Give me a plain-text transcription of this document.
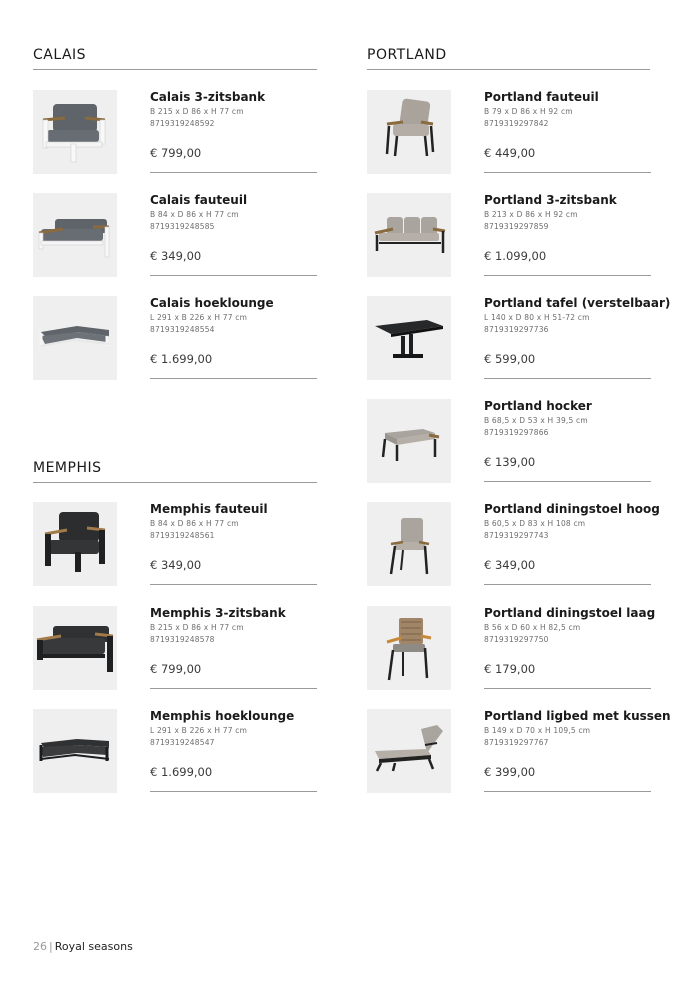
CALAIS	PORTLAND
MEMPHIS
Calais 3-zitsbank
B 215 x D 86 x H 77 cm
8719319248592
€ 799,00
Calais fauteuil
B 84 x D 86 x H 77 cm
8719319248585
€ 349,00
Calais hoeklounge
L 291 x B 226 x H 77 cm
8719319248554
€ 1.699,00
Memphis fauteuil
B 84 x D 86 x H 77 cm
8719319248561
€ 349,00
Memphis 3-zitsbank
B 215 x D 86 x H 77 cm
8719319248578
€ 799,00
Memphis hoeklounge
L 291 x B 226 x H 77 cm
8719319248547
€ 1.699,00
Portland fauteuil
B 79 x D 86 x H 92 cm
8719319297842
€ 449,00
Portland 3-zitsbank
B 213 x D 86 x H 92 cm
8719319297859
€ 1.099,00
Portland tafel (verstelbaar)
L 140 x D 80 x H 51-72 cm
8719319297736
€ 599,00
Portland hocker
B 68,5 x D 53 x H 39,5 cm
8719319297866
€ 139,00
Portland diningstoel hoog
B 60,5 x D 83 x H 108 cm
8719319297743
€ 349,00
Portland diningstoel laag
B 56 x D 60 x H 82,5 cm
8719319297750
€ 179,00
Portland ligbed met kussen
B 149 x D 70 x H 109,5 cm
8719319297767
€ 399,00
26 | Royal seasons
